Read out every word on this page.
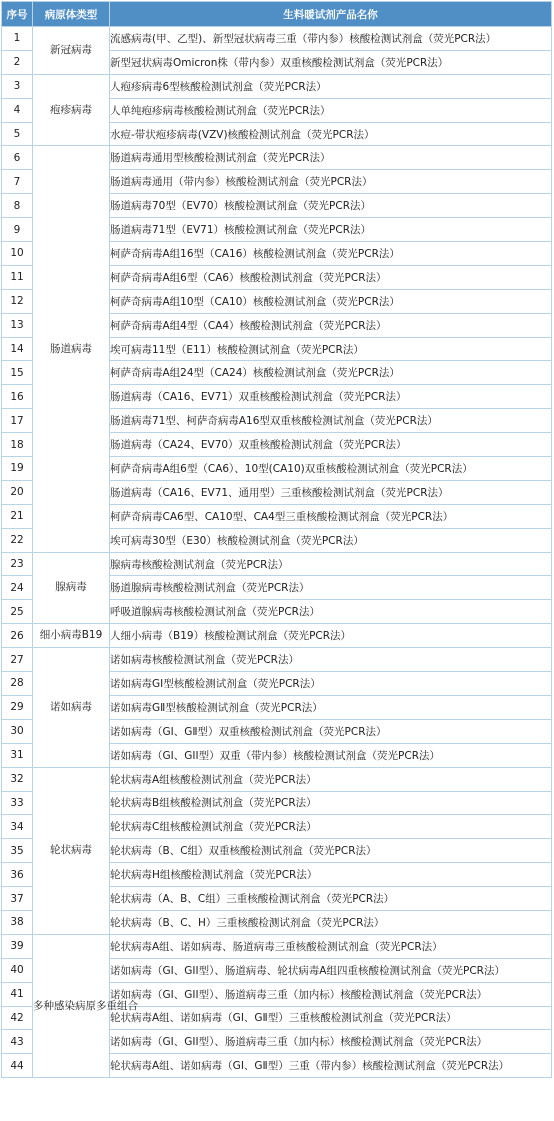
序号	病原体类型	生料暖试剂产品名你
1	新冠病毒	流感病毒(甲、乙型)、新型冠状病毒三重（带内参）核酸检测试剂盒（荧光PCR法）
2		新型冠状病毒Omicron株（带内参）双重核酸检测试剂盒（荧光PCR法）
3	疱疹病毒	人疱疹病毒6型核酸检测试剂盒（荧光PCR法）
4		人单纯疱疹病毒核酸检测试剂盒（荧光PCR法）
5		水痘-带状疱疹病毒(VZV)核酸检测试剂盒（荧光PCR法）
6	肠道病毒	肠道病毒通用型核酸检测试剂盒（荧光PCR法）
7		肠道病毒通用（带内参）核酸检测试剂盒（荧光PCR法）
8		肠道病毒70型（EV70）核酸检测试剂盒（荧光PCR法）
9		肠道病毒71型（EV71）核酸检测试剂盒（荧光PCR法）
10		柯萨奇病毒A组16型（CA16）核酸检测试剂盒（荧光PCR法）
11		柯萨奇病毒A组6型（CA6）核酸检测试剂盒（荧光PCR法）
12		柯萨奇病毒A组10型（CA10）核酸检测试剂盒（荧光PCR法）
13		柯萨奇病毒A组4型（CA4）核酸检测试剂盒（荧光PCR法）
14		埃可病毒11型（E11）核酸检测试剂盒（荧光PCR法）
15		柯萨奇病毒A组24型（CA24）核酸检测试剂盒（荧光PCR法）
16		肠道病毒（CA16、EV71）双重核酸检测试剂盒（荧光PCR法）
17		肠道病毒71型、柯萨奇病毒A16型双重核酸检测试剂盒（荧光PCR法）
18		肠道病毒（CA24、EV70）双重核酸检测试剂盒（荧光PCR法）
19		柯萨奇病毒A组6型（CA6）、10型(CA10)双重核酸检测试剂盒（荧光PCR法）
20		肠道病毒（CA16、EV71、通用型）三重核酸检测试剂盒（荧光PCR法）
21		柯萨奇病毒CA6型、CA10型、CA4型三重核酸检测试剂盒（荧光PCR法）
22		埃可病毒30型（E30）核酸检测试剂盒（荧光PCR法）
23	腺病毒	腺病毒核酸检测试剂盒（荧光PCR法）
24		肠道腺病毒核酸检测试剂盒（荧光PCR法）
25		呼吸道腺病毒核酸检测试剂盒（荧光PCR法）
26	细小病毒B19	人细小病毒（B19）核酸检测试剂盒（荧光PCR法）
27	诺如病毒	诺如病毒核酸检测试剂盒（荧光PCR法）
28		诺如病毒GⅠ型核酸检测试剂盒（荧光PCR法）
29		诺如病毒GⅡ型核酸检测试剂盒（荧光PCR法）
30		诺如病毒（GⅠ、GⅡ型）双重核酸检测试剂盒（荧光PCR法）
31		诺如病毒（GI、GII型）双重（带内参）核酸检测试剂盒（荧光PCR法）
32	轮状病毒	轮状病毒A组核酸检测试剂盒（荧光PCR法）
33		轮状病毒B组核酸检测试剂盒（荧光PCR法）
34		轮状病毒C组核酸检测试剂盒（荧光PCR法）
35		轮状病毒（B、C组）双重核酸检测试剂盒（荧光PCR法）
36		轮状病毒H组核酸检测试剂盒（荧光PCR法）
37		轮状病毒（A、B、C组）三重核酸检测试剂盒（荧光PCR法）
38		轮状病毒（B、C、H）三重核酸检测试剂盒（荧光PCR法）
39	多种感染病原多重组合	轮状病毒A组、诺如病毒、肠道病毒三重核酸检测试剂盒（荧光PCR法）
40		诺如病毒（GI、GII型）、肠道病毒、轮状病毒A组四重核酸检测试剂盒（荧光PCR法）
41		诺如病毒（GI、GII型）、肠道病毒三重（加内标）核酸检测试剂盒（荧光PCR法）
42		轮状病毒A组、诺如病毒（GⅠ、GⅡ型）三重核酸检测试剂盒（荧光PCR法）
43		诺如病毒（GI、GII型）、肠道病毒三重（加内标）核酸检测试剂盒（荧光PCR法）
44		轮状病毒A组、诺如病毒（GⅠ、GⅡ型）三重（带内参）核酸检测试剂盒（荧光PCR法）
